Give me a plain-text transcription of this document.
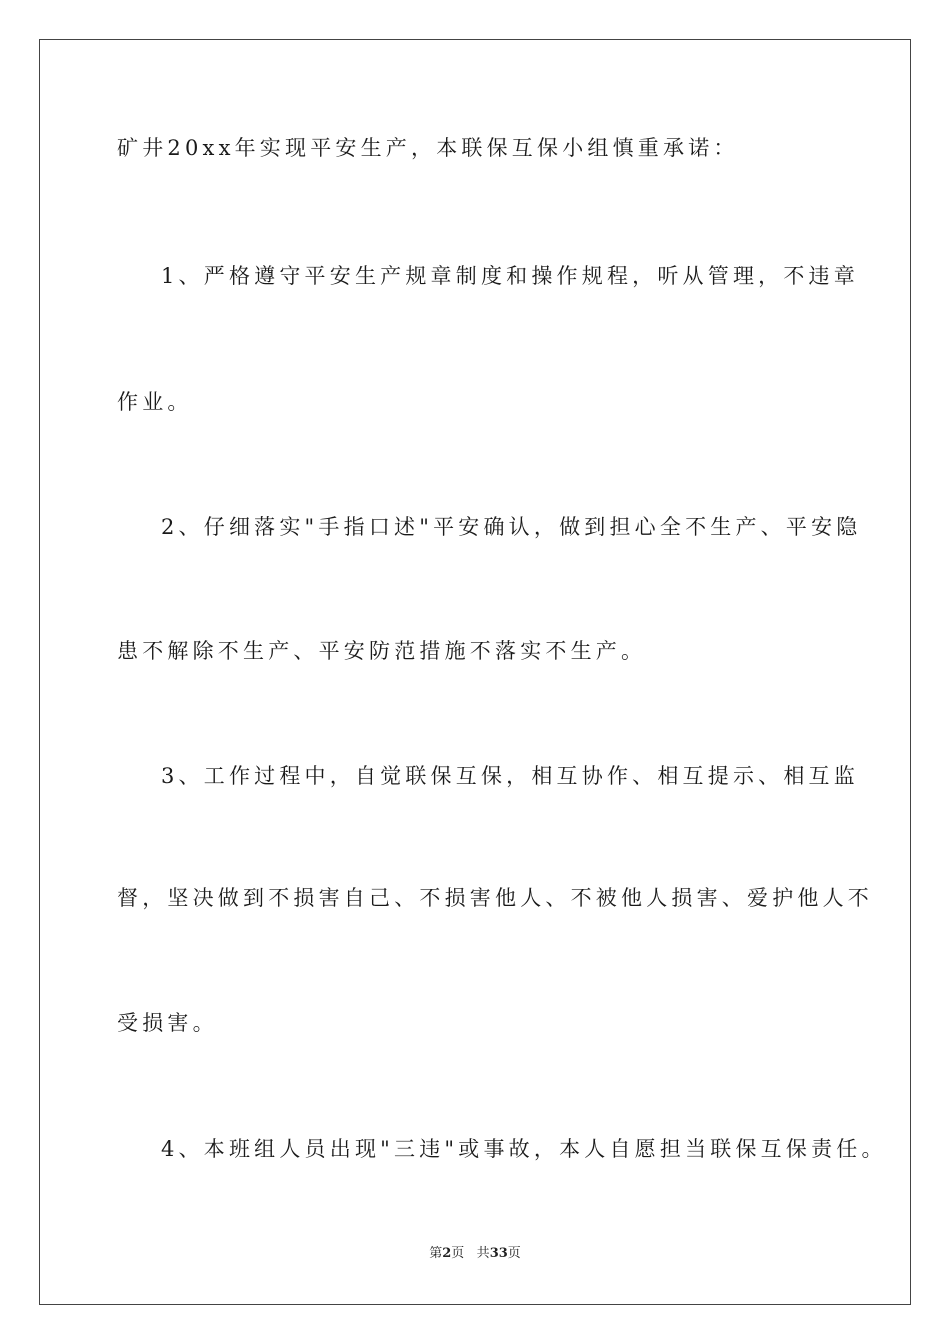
矿井20xx年实现平安生产，本联保互保小组慎重承诺：
1、严格遵守平安生产规章制度和操作规程，听从管理，不违章
作业。
2、仔细落实"手指口述"平安确认，做到担心全不生产、平安隐
患不解除不生产、平安防范措施不落实不生产。
3、工作过程中，自觉联保互保，相互协作、相互提示、相互监
督，坚决做到不损害自己、不损害他人、不被他人损害、爱护他人不
受损害。
4、本班组人员出现"三违"或事故，本人自愿担当联保互保责任。
第2页 共33页
